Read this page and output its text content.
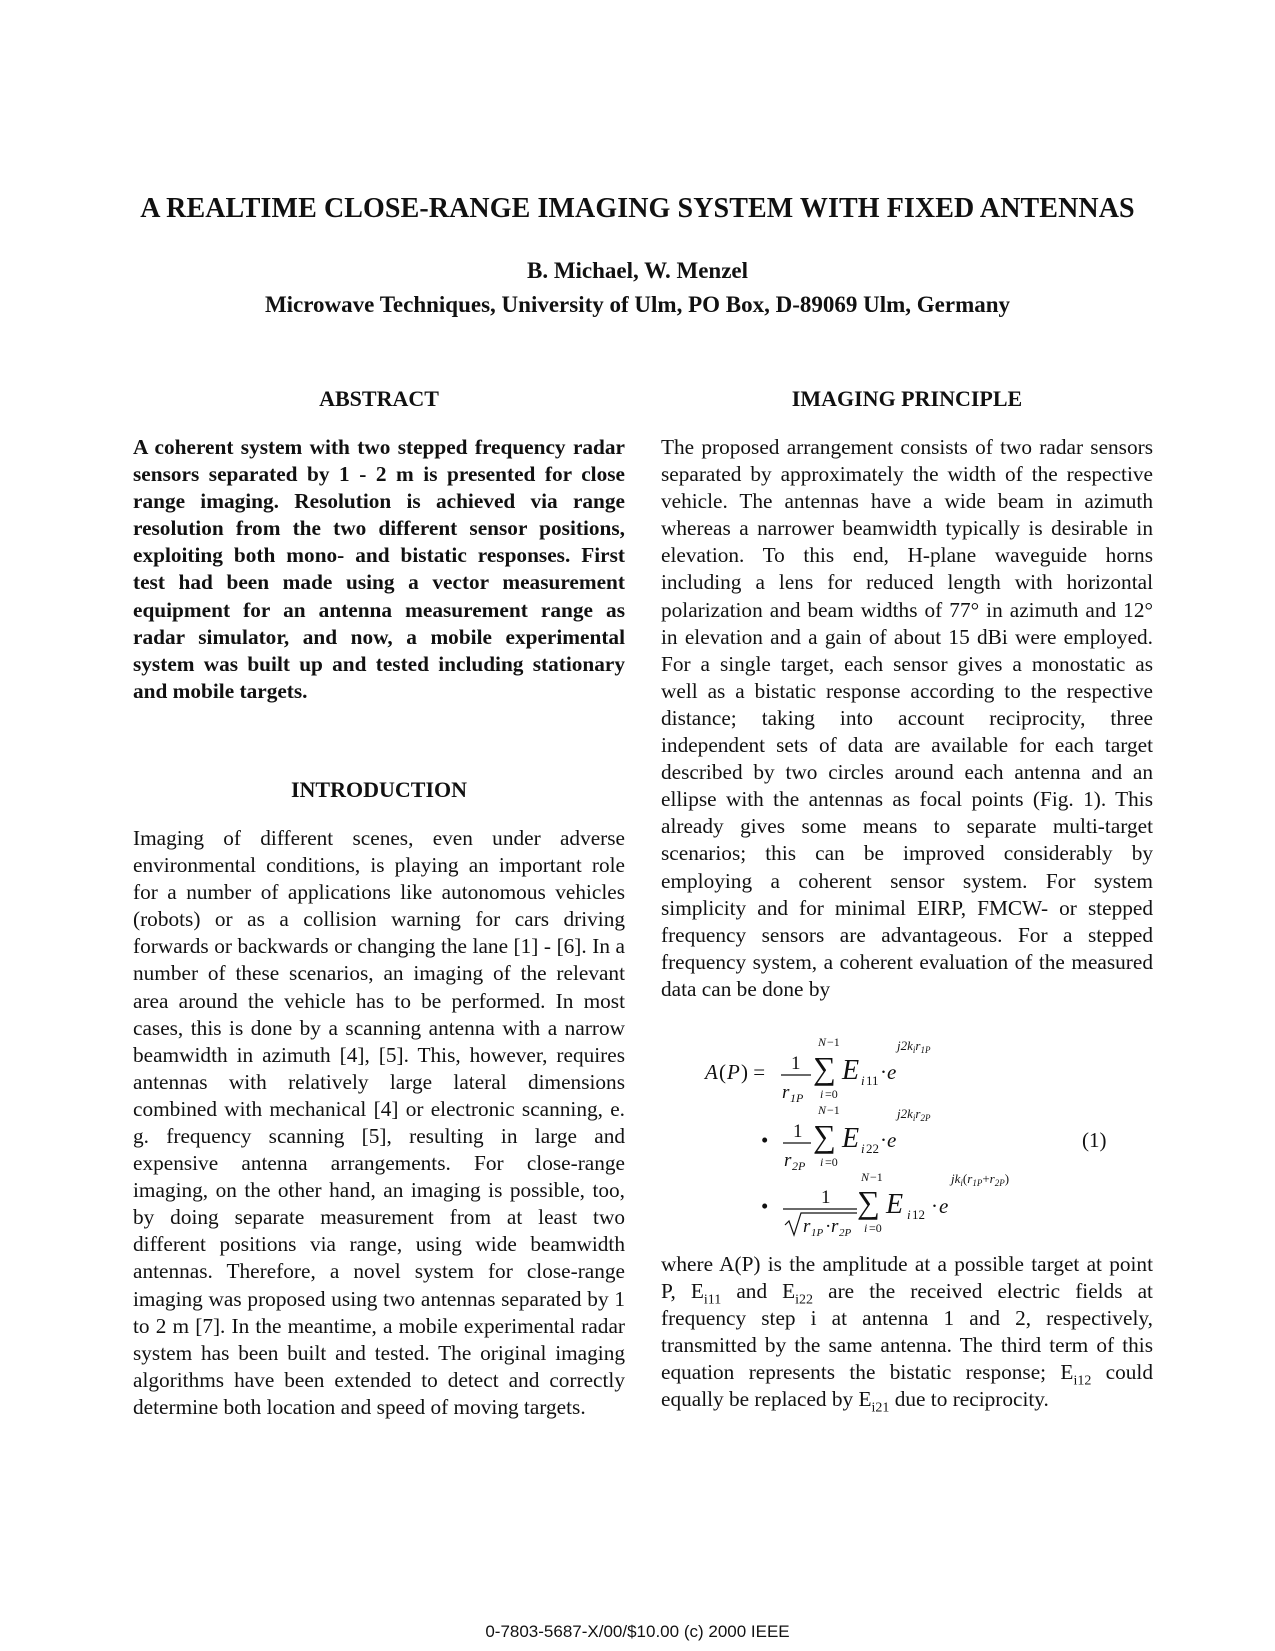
A REALTIME CLOSE-RANGE IMAGING SYSTEM WITH FIXED ANTENNAS
B. Michael, W. Menzel
Microwave Techniques, University of Ulm, PO Box, D-89069 Ulm, Germany
ABSTRACT

A coherent system with two stepped frequency radar sensors separated by 1 - 2 m is presented for close range imaging. Resolution is achieved via range resolution from the two different sensor positions, exploiting both mono- and bistatic responses. First test had been made using a vector measurement equipment for an antenna measurement range as radar simulator, and now, a mobile experimental system was built up and tested including stationary and mobile targets.

INTRODUCTION

Imaging of different scenes, even under adverse environmental conditions, is playing an important role for a number of applications like autonomous vehicles (robots) or as a collision warning for cars driving forwards or backwards or changing the lane [1] - [6]. In a number of these scenarios, an imaging of the relevant area around the vehicle has to be performed. In most cases, this is done by a scanning antenna with a narrow beamwidth in azimuth [4], [5]. This, however, requires antennas with relatively large lateral dimensions combined with mechanical [4] or electronic scanning, e. g. frequency scanning [5], resulting in large and expensive antenna arrangements. For close-range imaging, on the other hand, an imaging is possible, too, by doing separate measurement from at least two different positions via range, using wide beamwidth antennas. Therefore, a novel system for close-range imaging was proposed using two antennas separated by 1 to 2 m [7]. In the meantime, a mobile experimental radar system has been built and tested. The original imaging algorithms have been extended to detect and correctly determine both location and speed of moving targets.

IMAGING PRINCIPLE

The proposed arrangement consists of two radar sensors separated by approximately the width of the respective vehicle. The antennas have a wide beam in azimuth whereas a narrower beamwidth typically is desirable in elevation. To this end, H-plane waveguide horns including a lens for reduced length with horizontal polarization and beam widths of 77° in azimuth and 12° in elevation and a gain of about 15 dBi were employed. For a single target, each sensor gives a monostatic as well as a bistatic response according to the respective distance; taking into account reciprocity, three independent sets of data are available for each target described by two circles around each antenna and an ellipse with the antennas as focal points (Fig. 1). This already gives some means to separate multi-target scenarios; this can be improved considerably by employing a coherent sensor system. For system simplicity and for minimal EIRP, FMCW- or stepped frequency sensors are advantageous. For a stepped frequency system, a coherent evaluation of the measured data can be done by

A ( P ) = 1
r 1P
N −1
∑
i =0
E i 11 · e
$j2k_ir_{1P}$
• 1
r 2P
N −1
∑
i =0
E i 22 · e
$j2k_ir_{2P}$
(1)
•	1
r 1P · r 2P
N −1
∑
i =0
E i 12 · e
$jk_i(r_{1P}+r_{2P})$

where A(P) is the amplitude at a possible target at point P, $E_{i11}$ and $E_{i22}$ are the received electric fields at frequency step i at antenna 1 and 2, respectively, transmitted by the same antenna. The third term of this equation represents the bistatic response; $E_{i12}$ could equally be replaced by $E_{i21}$ due to reciprocity.

0-7803-5687-X/00/$10.00 (c) 2000 IEEE
